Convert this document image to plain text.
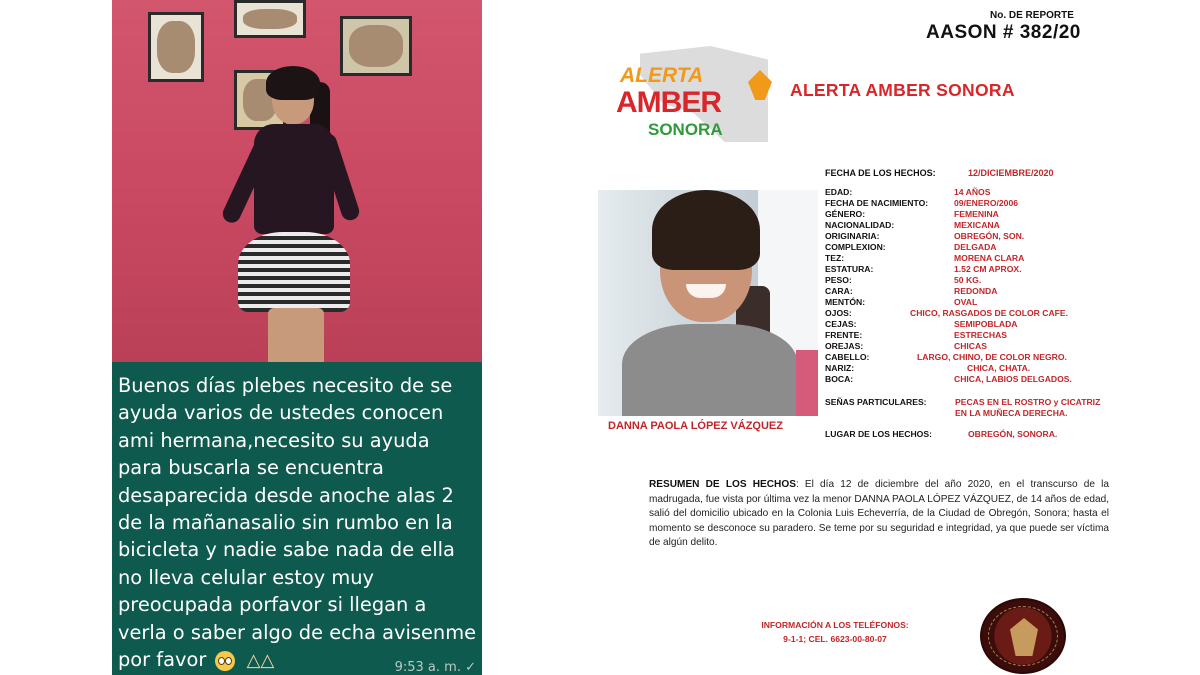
Buenos días plebes necesito de se ayuda varios de ustedes conocen ami hermana,necesito su ayuda para buscarla se encuentra desaparecida desde anoche alas 2 de la mañanasalio sin rumbo en la bicicleta y nadie sabe nada de ella no lleva celular estoy muy preocupada porfavor si llegan a verla o saber algo de echa avisenme por favor △△	9:53 a. m. ✓
No. DE REPORTE
AASON # 382/20
ALERTA
AMBER
SONORA
ALERTA AMBER SONORA
FECHA DE LOS HECHOS:	12/DICIEMBRE/2020
DANNA PAOLA LÓPEZ VÁZQUEZ
EDAD:	14 AÑOS
FECHA DE NACIMIENTO:	09/ENERO/2006
GÉNERO:	FEMENINA
NACIONALIDAD:	MEXICANA
ORIGINARIA:	OBREGÓN, SON.
COMPLEXION:	DELGADA
TEZ:	MORENA CLARA
ESTATURA:	1.52 CM APROX.
PESO:	50 KG.
CARA:	REDONDA
MENTÓN:	OVAL
OJOS:	CHICO, RASGADOS DE COLOR CAFE.
CEJAS:	SEMIPOBLADA
FRENTE:	ESTRECHAS
OREJAS:	CHICAS
CABELLO:	LARGO, CHINO, DE COLOR NEGRO.
NARIZ:	CHICA, CHATA.
BOCA:	CHICA, LABIOS DELGADOS.
SEÑAS PARTICULARES:	PECAS EN EL ROSTRO y CICATRIZ
EN LA MUÑECA DERECHA.
LUGAR DE LOS HECHOS:	OBREGÓN, SONORA.
RESUMEN DE LOS HECHOS: El día 12 de diciembre del año 2020, en el transcurso de la madrugada, fue vista por última vez la menor DANNA PAOLA LÓPEZ VÁZQUEZ, de 14 años de edad, salió del domicilio ubicado en la Colonia Luis Echeverría, de la Ciudad de Obregón, Sonora; hasta el momento se desconoce su paradero. Se teme por su seguridad e integridad, ya que puede ser víctima de algún delito.
INFORMACIÓN A LOS TELÉFONOS:
9-1-1; CEL. 6623-00-80-07
